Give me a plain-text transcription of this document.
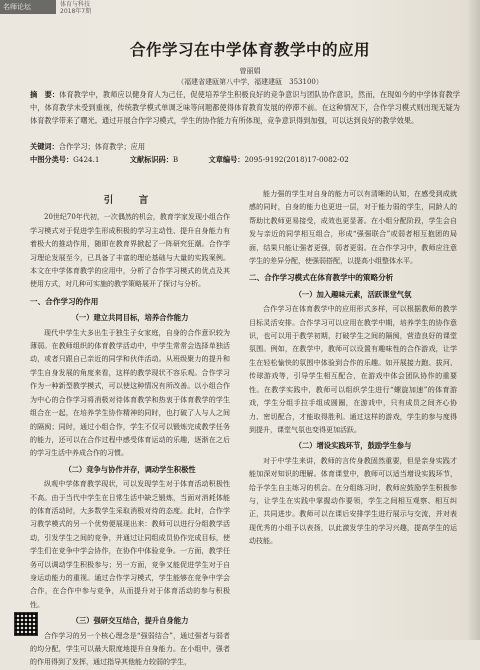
名师论坛	体育与科技
2018年7期
合作学习在中学体育教学中的应用
曾丽娟
（福建省建瓯第八中学，福建建瓯　353100）
摘　要：体育教学中，教师应以健身育人为己任，促使培养学生积极良好的竞争意识与团队协作意识，然而，在现如今的中学体育教学中，体育教学未受到重视，传统教学模式单调乏味等问题都使得体育教育发展的停滞不前。在这种情况下，合作学习模式则出现无疑为体育教学带来了曙光。通过开展合作学习模式，学生的协作能力有所体现，竞争意识得到加强，可以达到良好的教学效果。
关键词：合作学习；体育教学；应用
中图分类号：G424.1	文献标识码：B	文章编号：2095-9192(2018)17-0082-02
引　言

20世纪70年代初，一次偶然的机会，教育学家发现小组合作学习模式对于促进学生形成积极的学习主动性、提升自身能力有着极大的推动作用，随即在教育界掀起了一阵研究狂潮。合作学习理论发展至今，已具备了丰富的理论基础与大量的实践案例。本文在中学体育教学的应用中，分析了合作学习模式的优点及其使用方式，对几种可实施的教学策略展开了探讨与分析。

一、合作学习的作用
（一）建立共同目标，培养合作能力

现代中学生大多出生于独生子女家庭，自身的合作意识较为薄弱。在教师组织的体育教学活动中，中学生常常会选择单独活动，或者只跟自己亲近的同学和伙伴活动。从班级聚力的提升和学生自身发展的角度来看，这样的教学现状不容乐观。合作学习作为一种新型教学模式，可以使这种情况有所改善。以小组合作为中心的合作学习将消极对待体育教学和热衷于体育教学的学生组合在一起，在培养学生协作精神的同时，也打破了人与人之间的隔阂；同时，通过小组合作，学生不仅可以锻炼完成教学任务的能力，还可以在合作过程中感受体育运动的乐趣，逐渐在之后的学习生活中养成合作的习惯。

（二）竞争与协作并存，调动学生积极性

纵观中学体育教学现状，可以发现学生对于体育活动积极性不高。由于当代中学生在日常生活中缺乏锻炼，当面对消耗体能的体育活动时，大多数学生采取消极对待的态度。此时，合作学习教学模式的另一个优势便展现出来：教师可以进行分组教学活动，引发学生之间的竞争，并通过让同组成员协作完成目标，使学生们在竞争中学会协作，在协作中体验竞争。一方面，教学任务可以调动学生积极参与；另一方面，竞争又能促进学生对于自身运动能力的重视。通过合作学习模式，学生能够在竞争中学会合作，在合作中参与竞争，从而提升对于体育活动的参与积极性。

（三）强研交互结合，提升自身能力

合作学习的另一个核心理念是“强弱结合”，通过强者与弱者的均分配，学生可以最大限度地提升自身能力。在小组中，强者的作用得到了发挥，通过指导其他能力较弱的学生，

能力强的学生对自身的能力可以有清晰的认知，在感受到成就感的同时，自身的能力也更进一层，对于能力弱的学生，同龄人的帮助比教师更易接受，成效也更显著。在小组分配阶段，学生会自发与亲近的同学相互组合，形成“强强联合”或弱者相互抱团的局面，结果只能让强者更强，弱者更弱。在合作学习中，教师应注意学生的差异分配，使强弱搭配，以提高小组整体水平。

二、合作学习模式在体育教学中的策略分析
（一）加入趣味元素，活跃课堂气氛

合作学习在体育教学中的应用形式多样，可以根据教师的教学目标灵活安排。合作学习可以应用在教学中期，培养学生的协作意识，也可以用于教学初期，打破学生之间的隔阂，营造良好的课堂氛围。例如，在教学中，教师可以设置有趣味性的合作游戏，让学生在轻松愉快的氛围中体验到合作的乐趣。如开展接力跑、拔河、传球游戏等，引导学生相互配合，在游戏中体会团队协作的重要性。在教学实践中，教师可以组织学生进行“螺旋加速”的体育游戏，学生分组手拉手组成圆圈，在游戏中，只有成员之间齐心协力、密切配合，才能取得胜利。通过这样的游戏，学生的参与度得到提升，课堂气氛也变得更加活跃。

（二）增设实践环节，鼓励学生参与

对于中学生来讲，教师的言传身教固然重要，但是亲身实践才能加深对知识的理解。体育课堂中，教师可以适当增设实践环节，给予学生自主练习的机会。在分组练习时，教师应鼓励学生积极参与，让学生在实践中掌握动作要领，学生之间相互观察、相互纠正，共同进步。教师可以在课后安排学生进行展示与交流，并对表现优秀的小组予以表扬，以此激发学生的学习兴趣，提高学生的运动技能。
